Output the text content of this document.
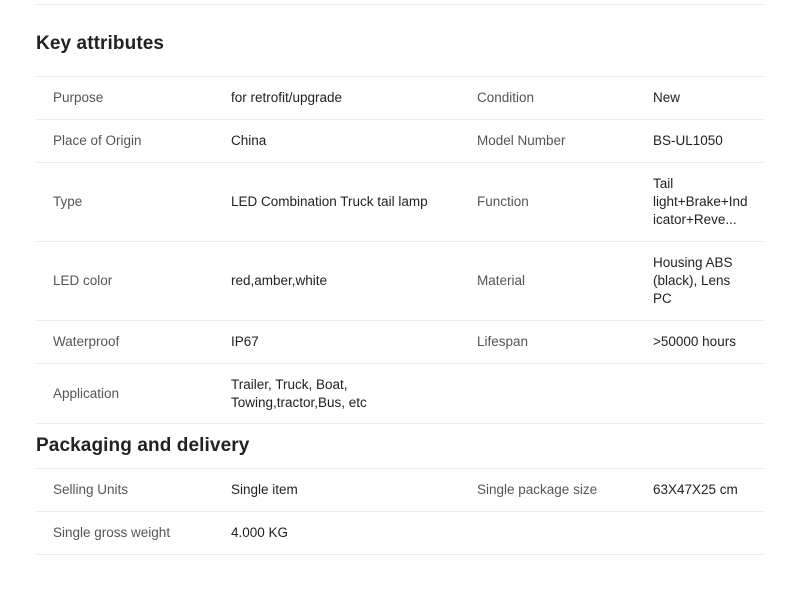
Key attributes
Purpose	for retrofit/upgrade	Condition	New
Place of Origin	China	Model Number	BS-UL1050
Type	LED Combination Truck tail lamp	Function	Tail light+Brake+Indicator+Reve...
LED color	red,amber,white	Material	Housing ABS (black), Lens PC
Waterproof	IP67	Lifespan	>50000 hours
Application	Trailer, Truck, Boat, Towing,tractor,Bus, etc		
Packaging and delivery
Selling Units	Single item	Single package size	63X47X25 cm
Single gross weight	4.000 KG		
